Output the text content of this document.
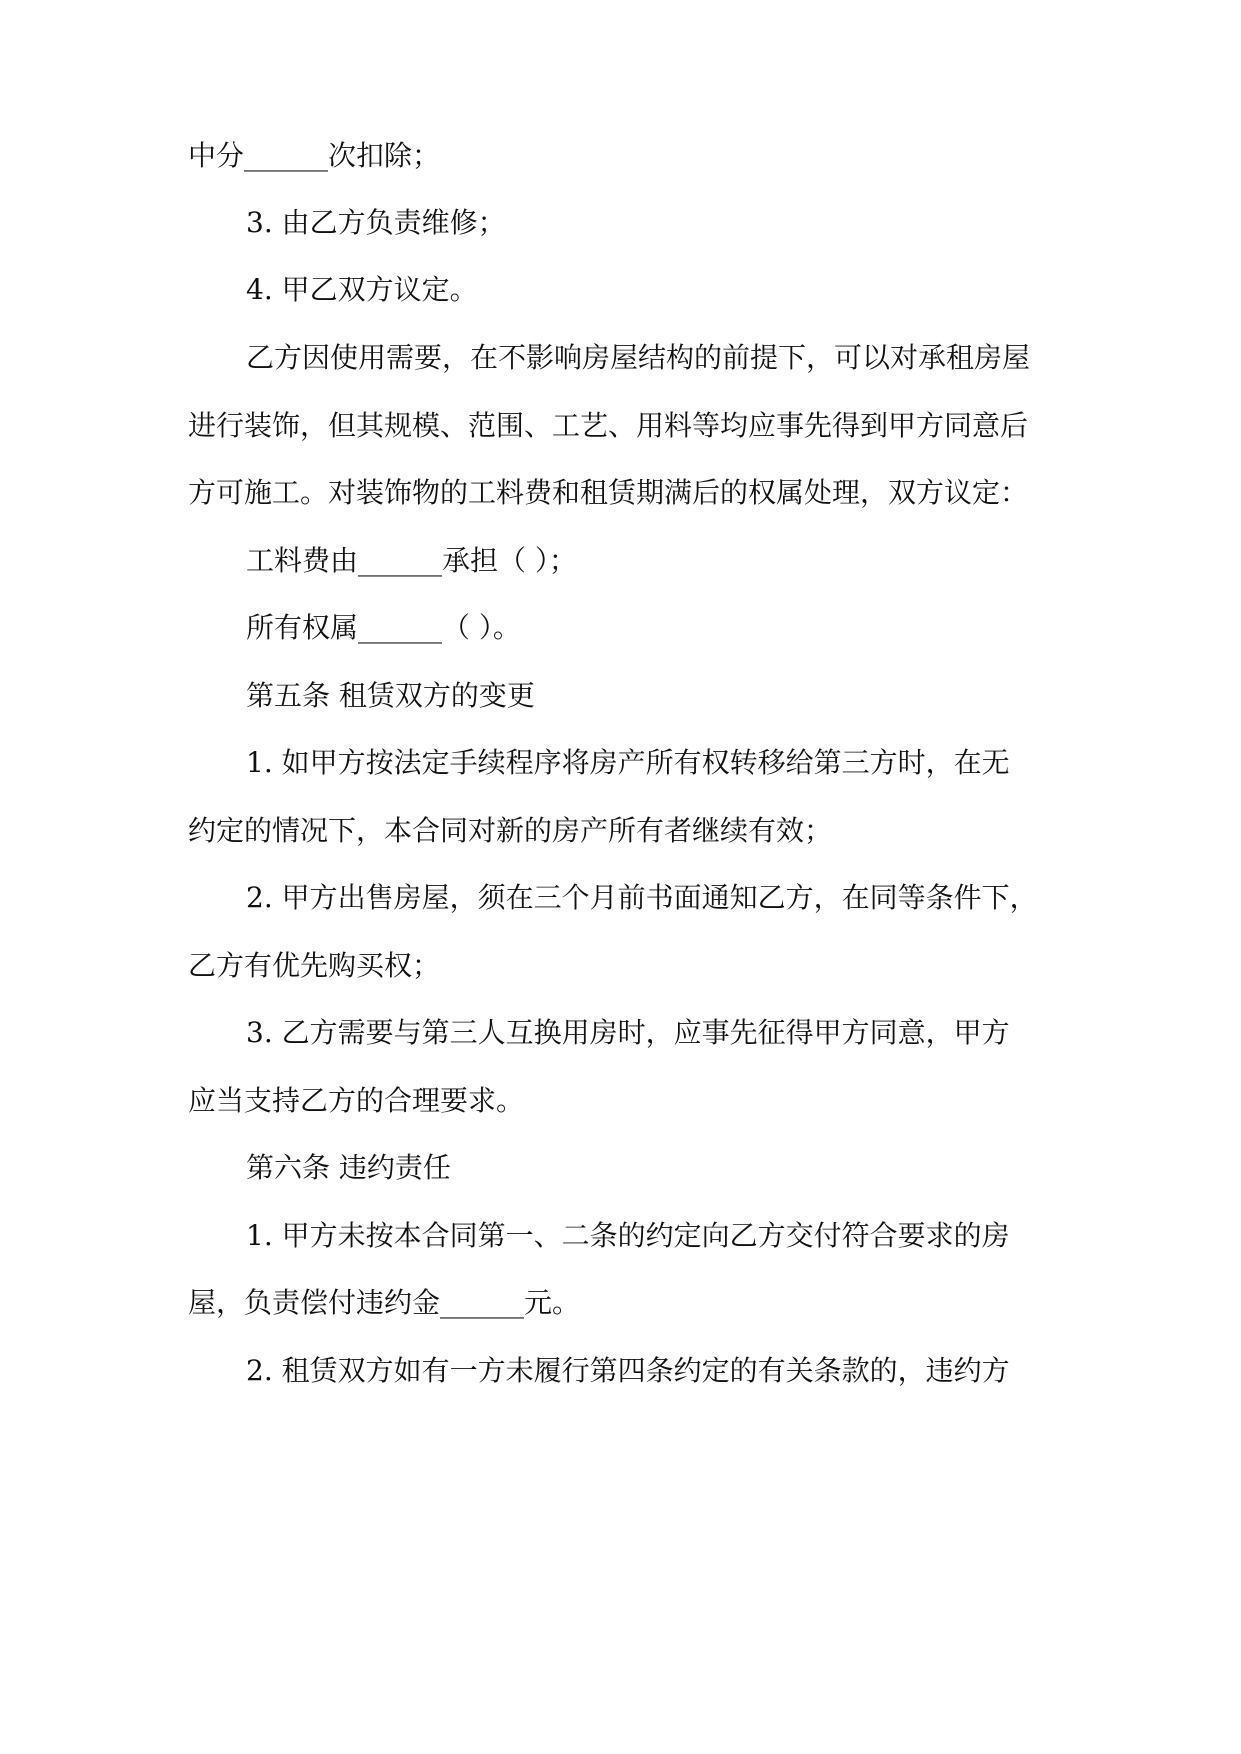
中分______次扣除；
3. 由乙方负责维修；
4. 甲乙双方议定。
乙方因使用需要，在不影响房屋结构的前提下，可以对承租房屋
进行装饰，但其规模、范围、工艺、用料等均应事先得到甲方同意后
方可施工。对装饰物的工料费和租赁期满后的权属处理，双方议定：
工料费由______承担（ ）；
所有权属______（ ）。
第五条 租赁双方的变更
1. 如甲方按法定手续程序将房产所有权转移给第三方时，在无
约定的情况下，本合同对新的房产所有者继续有效；
2. 甲方出售房屋，须在三个月前书面通知乙方，在同等条件下，
乙方有优先购买权；
3. 乙方需要与第三人互换用房时，应事先征得甲方同意，甲方
应当支持乙方的合理要求。
第六条 违约责任
1. 甲方未按本合同第一、二条的约定向乙方交付符合要求的房
屋，负责偿付违约金______元。
2. 租赁双方如有一方未履行第四条约定的有关条款的，违约方
